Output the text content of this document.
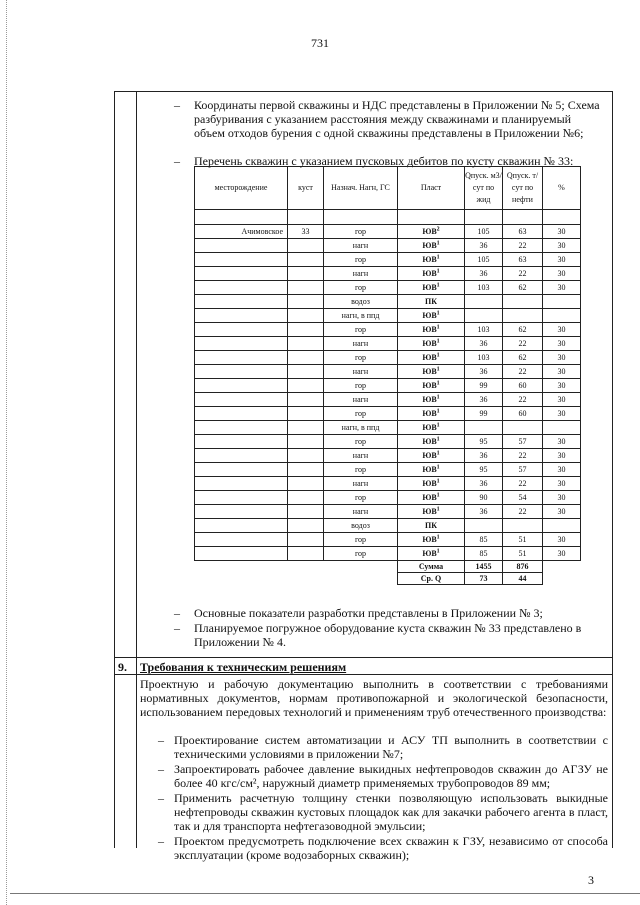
731
– Координаты первой скважины и НДС представлены в Приложении № 5; Схема разбуривания с указанием расстояния между скважинами и планируемый объем отходов бурения с одной скважины представлены в Приложении №6;
– Перечень скважин с указанием пусковых дебитов по кусту скважин № 33:
месторождение	куст	Назнач. Нагн, ГС	Пласт	Qпуск. м3/сут по жид	Qпуск. т/сут по нефти	%

Ачимовское	33	гор	$ЮВ^2$	105	63	30
		нагн	$ЮВ^1$	36	22	30
		гор	$ЮВ^1$	105	63	30
		нагн	$ЮВ^1$	36	22	30
		гор	$ЮВ^1$	103	62	30
		водоз	ПК			
		нагн, в ппд	$ЮВ^1$			
		гор	$ЮВ^1$	103	62	30
		нагн	$ЮВ^1$	36	22	30
		гор	$ЮВ^1$	103	62	30
		нагн	$ЮВ^1$	36	22	30
		гор	$ЮВ^1$	99	60	30
		нагн	$ЮВ^1$	36	22	30
		гор	$ЮВ^1$	99	60	30
		нагн, в ппд	$ЮВ^1$			
		гор	$ЮВ^1$	95	57	30
		нагн	$ЮВ^1$	36	22	30
		гор	$ЮВ^1$	95	57	30
		нагн	$ЮВ^1$	36	22	30
		гор	$ЮВ^1$	90	54	30
		нагн	$ЮВ^1$	36	22	30
		водоз	ПК			
		гор	$ЮВ^1$	85	51	30
		гор	$ЮВ^1$	85	51	30
			Сумма	1455	876	
			Ср. Q	73	44	
– Основные показатели разработки представлены в Приложении № 3;
– Планируемое погружное оборудование куста скважин № 33 представлено в Приложении № 4.
9. Требования к техническим решениям
Проектную и рабочую документацию выполнить в соответствии с требованиями нормативных документов, нормам противопожарной и экологической безопасности, использованием передовых технологий и применениям труб отечественного производства:
– Проектирование систем автоматизации и АСУ ТП выполнить в соответствии с техническими условиями в приложении №7;
– Запроектировать рабочее давление выкидных нефтепроводов скважин до АГЗУ не более 40 кгс/см², наружный диаметр применяемых трубопроводов 89 мм;
– Применить расчетную толщину стенки позволяющую использовать выкидные нефтепроводы скважин кустовых площадок как для закачки рабочего агента в пласт, так и для транспорта нефтегазоводной эмульсии;
– Проектом предусмотреть подключение всех скважин к ГЗУ, независимо от способа эксплуатации (кроме водозаборных скважин);
3
